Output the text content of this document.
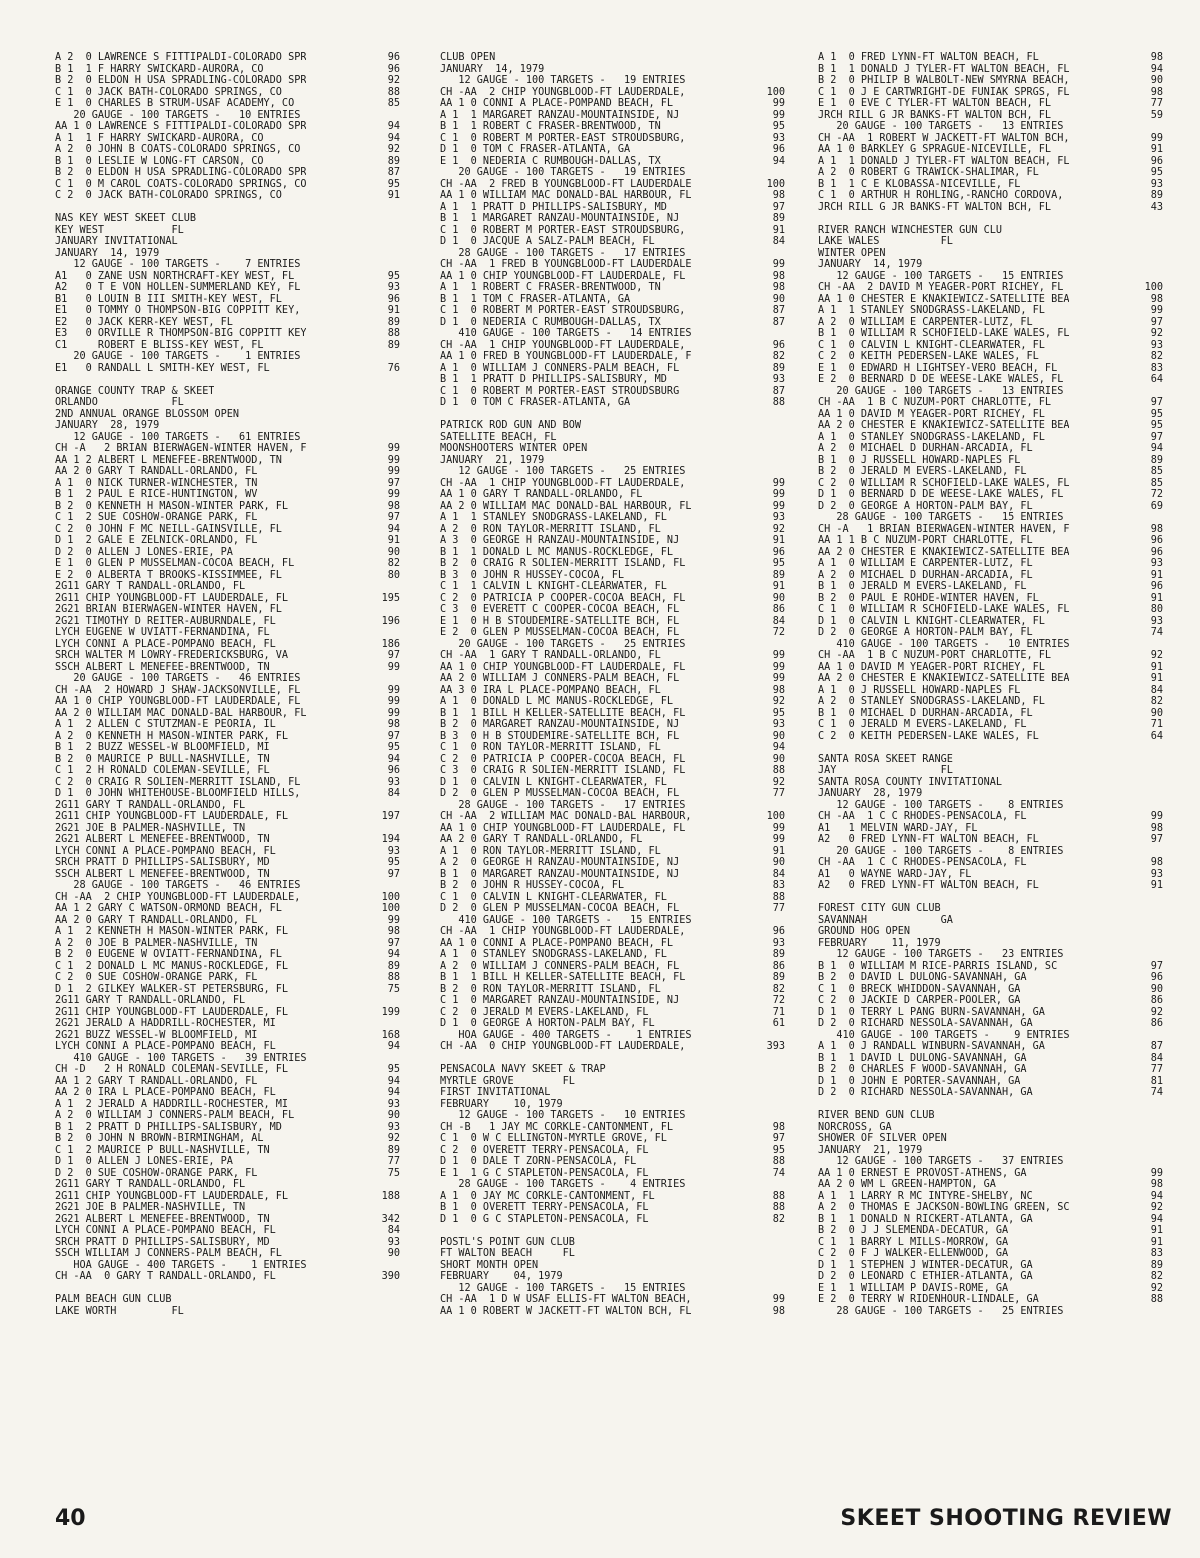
A 2  0 LAWRENCE S FITTIPALDI-COLORADO SPR	96
B 1  1 F HARRY SWICKARD-AURORA, CO	96
B 2  0 ELDON H USA SPRADLING-COLORADO SPR	92
C 1  0 JACK BATH-COLORADO SPRINGS, CO	88
E 1  0 CHARLES B STRUM-USAF ACADEMY, CO	85
20 GAUGE - 100 TARGETS -   10 ENTRIES
AA 1 0 LAWRENCE S FITTIPALDI-COLORADO SPR	94
A 1  1 F HARRY SWICKARD-AURORA, CO	94
A 2  0 JOHN B COATS-COLORADO SPRINGS, CO	92
B 1  0 LESLIE W LONG-FT CARSON, CO	89
B 2  0 ELDON H USA SPRADLING-COLORADO SPR	87
C 1  0 M CAROL COATS-COLORADO SPRINGS, CO	95
C 2  0 JACK BATH-COLORADO SPRINGS, CO	91
NAS KEY WEST SKEET CLUB
KEY WEST           FL
JANUARY INVITATIONAL
JANUARY  14, 1979
12 GAUGE - 100 TARGETS -    7 ENTRIES
A1   0 ZANE USN NORTHCRAFT-KEY WEST, FL	95
A2   0 T E VON HOLLEN-SUMMERLAND KEY, FL	93
B1   0 LOUIN B III SMITH-KEY WEST, FL	96
E1   0 TOMMY O THOMPSON-BIG COPPITT KEY,	91
E2   0 JACK KERR-KEY WEST, FL	89
E3   0 ORVILLE R THOMPSON-BIG COPPITT KEY	88
C1     ROBERT E BLISS-KEY WEST, FL	89
20 GAUGE - 100 TARGETS -    1 ENTRIES
E1   0 RANDALL L SMITH-KEY WEST, FL	76
ORANGE COUNTY TRAP & SKEET
ORLANDO            FL
2ND ANNUAL ORANGE BLOSSOM OPEN
JANUARY  28, 1979
12 GAUGE - 100 TARGETS -   61 ENTRIES
CH -A   2 BRIAN BIERWAGEN-WINTER HAVEN, F	99
AA 1 2 ALBERT L MENEFEE-BRENTWOOD, TN	99
AA 2 0 GARY T RANDALL-ORLANDO, FL	99
A 1  0 NICK TURNER-WINCHESTER, TN	97
B 1  2 PAUL E RICE-HUNTINGTON, WV	99
B 2  0 KENNETH H MASON-WINTER PARK, FL	98
C 1  2 SUE COSHOW-ORANGE PARK, FL	97
C 2  0 JOHN F MC NEILL-GAINSVILLE, FL	94
D 1  2 GALE E ZELNICK-ORLANDO, FL	91
D 2  0 ALLEN J LONES-ERIE, PA	90
E 1  0 GLEN P MUSSELMAN-COCOA BEACH, FL	82
E 2  0 ALBERTA T BROOKS-KISSIMMEE, FL	80
2G11 GARY T RANDALL-ORLANDO, FL
2G11 CHIP YOUNGBLOOD-FT LAUDERDALE, FL	195
2G21 BRIAN BIERWAGEN-WINTER HAVEN, FL
2G21 TIMOTHY D REITER-AUBURNDALE, FL	196
LYCH EUGENE W UVIATT-FERNANDINA, FL
LYCH CONNI A PLACE-POMPANO BEACH, FL	186
SRCH WALTER M LOWRY-FREDERICKSBURG, VA	97
SSCH ALBERT L MENEFEE-BRENTWOOD, TN	99
20 GAUGE - 100 TARGETS -   46 ENTRIES
CH -AA  2 HOWARD J SHAW-JACKSONVILLE, FL	99
AA 1 0 CHIP YOUNGBLOOD-FT LAUDERDALE, FL	99
AA 2 0 WILLIAM MAC DONALD-BAL HARBOUR, FL	99
A 1  2 ALLEN C STUTZMAN-E PEORIA, IL	98
A 2  0 KENNETH H MASON-WINTER PARK, FL	97
B 1  2 BUZZ WESSEL-W BLOOMFIELD, MI	95
B 2  0 MAURICE P BULL-NASHVILLE, TN	94
C 1  2 H RONALD COLEMAN-SEVILLE, FL	96
C 2  0 CRAIG R SOLIEN-MERRITT ISLAND, FL	93
D 1  0 JOHN WHITEHOUSE-BLOOMFIELD HILLS,	84
2G11 GARY T RANDALL-ORLANDO, FL
2G11 CHIP YOUNGBLOOD-FT LAUDERDALE, FL	197
2G21 JOE B PALMER-NASHVILLE, TN
2G21 ALBERT L MENEFEE-BRENTWOOD, TN	194
LYCH CONNI A PLACE-POMPANO BEACH, FL	93
SRCH PRATT D PHILLIPS-SALISBURY, MD	95
SSCH ALBERT L MENEFEE-BRENTWOOD, TN	97
28 GAUGE - 100 TARGETS -   46 ENTRIES
CH -AA  2 CHIP YOUNGBLOOD-FT LAUDERDALE,	100
AA 1 2 GARY C WATSON-ORMOND BEACH, FL	100
AA 2 0 GARY T RANDALL-ORLANDO, FL	99
A 1  2 KENNETH H MASON-WINTER PARK, FL	98
A 2  0 JOE B PALMER-NASHVILLE, TN	97
B 2  0 EUGENE W OVIATT-FERNANDINA, FL	94
C 1  2 DONALD L MC MANUS-ROCKLEDGE, FL	89
C 2  0 SUE COSHOW-ORANGE PARK, FL	88
D 1  2 GILKEY WALKER-ST PETERSBURG, FL	75
2G11 GARY T RANDALL-ORLANDO, FL
2G11 CHIP YOUNGBLOOD-FT LAUDERDALE, FL	199
2G21 JERALD A HADDRILL-ROCHESTER, MI
2G21 BUZZ WESSEL-W BLOOMFIELD, MI	168
LYCH CONNI A PLACE-POMPANO BEACH, FL	94
410 GAUGE - 100 TARGETS -   39 ENTRIES
CH -D   2 H RONALD COLEMAN-SEVILLE, FL	95
AA 1 2 GARY T RANDALL-ORLANDO, FL	94
AA 2 0 IRA L PLACE-POMPANO BEACH, FL	94
A 1  2 JERALD A HADDRILL-ROCHESTER, MI	93
A 2  0 WILLIAM J CONNERS-PALM BEACH, FL	90
B 1  2 PRATT D PHILLIPS-SALISBURY, MD	93
B 2  0 JOHN N BROWN-BIRMINGHAM, AL	92
C 1  2 MAURICE P BULL-NASHVILLE, TN	89
D 1  0 ALLEN J LONES-ERIE, PA	77
D 2  0 SUE COSHOW-ORANGE PARK, FL	75
2G11 GARY T RANDALL-ORLANDO, FL
2G11 CHIP YOUNGBLOOD-FT LAUDERDALE, FL	188
2G21 JOE B PALMER-NASHVILLE, TN
2G21 ALBERT L MENEFEE-BRENTWOOD, TN	342
LYCH CONNI A PLACE-POMPANO BEACH, FL	84
SRCH PRATT D PHILLIPS-SALISBURY, MD	93
SSCH WILLIAM J CONNERS-PALM BEACH, FL	90
HOA GAUGE - 400 TARGETS -    1 ENTRIES
CH -AA  0 GARY T RANDALL-ORLANDO, FL	390
PALM BEACH GUN CLUB
LAKE WORTH         FL
CLUB OPEN
JANUARY  14, 1979
12 GAUGE - 100 TARGETS -   19 ENTRIES
CH -AA  2 CHIP YOUNGBLOOD-FT LAUDERDALE,	100
AA 1 0 CONNI A PLACE-POMPAND BEACH, FL	99
A 1  1 MARGARET RANZAU-MOUNTAINSIDE, NJ	99
B 1  1 ROBERT C FRASER-BRENTWOOD, TN	95
C 1  0 ROBERT M PORTER-EAST STROUDSBURG,	93
D 1  0 TOM C FRASER-ATLANTA, GA	96
E 1  0 NEDERIA C RUMBOUGH-DALLAS, TX	94
20 GAUGE - 100 TARGETS -   19 ENTRIES
CH -AA  2 FRED B YOUNGBLOOD-FT LAUDERDALE	100
AA 1 0 WILLIAM MAC DONALD-BAL HARBOUR, FL	98
A 1  1 PRATT D PHILLIPS-SALISBURY, MD	97
B 1  1 MARGARET RANZAU-MOUNTAINSIDE, NJ	89
C 1  0 ROBERT M PORTER-EAST STROUDSBURG,	91
D 1  0 JACQUE A SALZ-PALM BEACH, FL	84
28 GAUGE - 100 TARGETS -   17 ENTRIES
CH -AA  1 FRED B YOUNGBLOOD-FT LAUDERDALE	99
AA 1 0 CHIP YOUNGBLOOD-FT LAUDERDALE, FL	98
A 1  1 ROBERT C FRASER-BRENTWOOD, TN	98
B 1  1 TOM C FRASER-ATLANTA, GA	90
C 1  0 ROBERT M PORTER-EAST STROUDSBURG,	87
D 1  0 NEDERIA C RUMBOUGH-DALLAS, TX	87
410 GAUGE - 100 TARGETS -   14 ENTRIES
CH -AA  1 CHIP YOUNGBLOOD-FT LAUDERDALE,	96
AA 1 0 FRED B YOUNGBLOOD-FT LAUDERDALE, F	82
A 1  0 WILLIAM J CONNERS-PALM BEACH, FL	89
B 1  1 PRATT D PHILLIPS-SALISBURY, MD	93
C 1  0 ROBERT M PORTER-EAST STROUDSBURG	87
D 1  0 TOM C FRASER-ATLANTA, GA	88
PATRICK ROD GUN AND BOW
SATELLITE BEACH, FL
MOONSHOOTERS WINTER OPEN
JANUARY  21, 1979
12 GAUGE - 100 TARGETS -   25 ENTRIES
CH -AA  1 CHIP YOUNGBLOOD-FT LAUDERDALE,	99
AA 1 0 GARY T RANDALL-ORLANDO, FL	99
AA 2 0 WILLIAM MAC DONALD-BAL HARBOUR, FL	99
A 1  1 STANLEY SNODGRASS-LAKELAND, FL	93
A 2  0 RON TAYLOR-MERRITT ISLAND, FL	92
A 3  0 GEORGE H RANZAU-MOUNTAINSIDE, NJ	91
B 1  1 DONALD L MC MANUS-ROCKLEDGE, FL	96
B 2  0 CRAIG R SOLIEN-MERRITT ISLAND, FL	95
B 3  0 JOHN R HUSSEY-COCOA, FL	89
C 1  1 CALVIN L KNIGHT-CLEARWATER, FL	91
C 2  0 PATRICIA P COOPER-COCOA BEACH, FL	90
C 3  0 EVERETT C COOPER-COCOA BEACH, FL	86
E 1  0 H B STOUDEMIRE-SATELLITE BCH, FL	84
E 2  0 GLEN P MUSSELMAN-COCOA BEACH, FL	72
20 GAUGE - 100 TARGETS -   25 ENTRIES
CH -AA  1 GARY T RANDALL-ORLANDO, FL	99
AA 1 0 CHIP YOUNGBLOOD-FT LAUDERDALE, FL	99
AA 2 0 WILLIAM J CONNERS-PALM BEACH, FL	99
AA 3 0 IRA L PLACE-POMPANO BEACH, FL	98
A 1  0 DONALD L MC MANUS-ROCKLEDGE, FL	92
B 1  1 BILL H KELLER-SATELLITE BEACH, FL	95
B 2  0 MARGARET RANZAU-MOUNTAINSIDE, NJ	93
B 3  0 H B STOUDEMIRE-SATELLITE BCH, FL	90
C 1  0 RON TAYLOR-MERRITT ISLAND, FL	94
C 2  0 PATRICIA P COOPER-COCOA BEACH, FL	90
C 3  0 CRAIG R SOLIEN-MERRITT ISLAND, FL	88
D 1  0 CALVIN L KNIGHT-CLEARWATER, FL	92
D 2  0 GLEN P MUSSELMAN-COCOA BEACH, FL	77
28 GAUGE - 100 TARGETS -   17 ENTRIES
CH -AA  2 WILLIAM MAC DONALD-BAL HARBOUR,	100
AA 1 0 CHIP YOUNGBLOOD-FT LAUDERDALE, FL	99
AA 2 0 GARY T RANDALL-ORLANDO, FL	99
A 1  0 RON TAYLOR-MERRITT ISLAND, FL	91
A 2  0 GEORGE H RANZAU-MOUNTAINSIDE, NJ	90
B 1  0 MARGARET RANZAU-MOUNTAINSIDE, NJ	84
B 2  0 JOHN R HUSSEY-COCOA, FL	83
C 1  0 CALVIN L KNIGHT-CLEARWATER, FL	88
D 2  0 GLEN P MUSSELMAN-COCOA BEACH, FL	77
410 GAUGE - 100 TARGETS -   15 ENTRIES
CH -AA  1 CHIP YOUNGBLOOD-FT LAUDERDALE,	96
AA 1 0 CONNI A PLACE-POMPANO BEACH, FL	93
A 1  0 STANLEY SNODGRASS-LAKELAND, FL	89
A 2  0 WILLIAM J CONNERS-PALM BEACH, FL	86
B 1  1 BILL H KELLER-SATELLITE BEACH, FL	89
B 2  0 RON TAYLOR-MERRITT ISLAND, FL	82
C 1  0 MARGARET RANZAU-MOUNTAINSIDE, NJ	72
C 2  0 JERALD M EVERS-LAKELAND, FL	71
D 1  0 GEORGE A HORTON-PALM BAY, FL	61
HOA GAUGE - 400 TARGETS -    1 ENTRIES
CH -AA  0 CHIP YOUNGBLOOD-FT LAUDERDALE,	393
PENSACOLA NAVY SKEET & TRAP
MYRTLE GROVE        FL
FIRST INVITATIONAL
FEBRUARY    10, 1979
12 GAUGE - 100 TARGETS -   10 ENTRIES
CH -B   1 JAY MC CORKLE-CANTONMENT, FL	98
C 1  0 W C ELLINGTON-MYRTLE GROVE, FL	97
C 2  0 OVERETT TERRY-PENSACOLA, FL	95
D 1  0 DALE T ZORN-PENSACOLA, FL	88
E 1  1 G C STAPLETON-PENSACOLA, FL	74
28 GAUGE - 100 TARGETS -    4 ENTRIES
A 1  0 JAY MC CORKLE-CANTONMENT, FL	88
B 1  0 OVERETT TERRY-PENSACOLA, FL	88
D 1  0 G C STAPLETON-PENSACOLA, FL	82
POSTL'S POINT GUN CLUB
FT WALTON BEACH     FL
SHORT MONTH OPEN
FEBRUARY    04, 1979
12 GAUGE - 100 TARGETS -   15 ENTRIES
CH -AA  1 D W USAF ELLIS-FT WALTON BEACH,	99
AA 1 0 ROBERT W JACKETT-FT WALTON BCH, FL	98
A 1  0 FRED LYNN-FT WALTON BEACH, FL	98
B 1  1 DONALD J TYLER-FT WALTON BEACH, FL	94
B 2  0 PHILIP B WALBOLT-NEW SMYRNA BEACH,	90
C 1  0 J E CARTWRIGHT-DE FUNIAK SPRGS, FL	98
E 1  0 EVE C TYLER-FT WALTON BEACH, FL	77
JRCH RILL G JR BANKS-FT WALTON BCH, FL	59
20 GAUGE - 100 TARGETS -   13 ENTRIES
CH -AA  1 ROBERT W JACKETT-FT WALTON BCH,	99
AA 1 0 BARKLEY G SPRAGUE-NICEVILLE, FL	91
A 1  1 DONALD J TYLER-FT WALTON BEACH, FL	96
A 2  0 ROBERT G TRAWICK-SHALIMAR, FL	95
B 1  1 C E KLOBASSA-NICEVILLE, FL	93
C 1  0 ARTHUR H ROHLING,-RANCHO CORDOVA,	89
JRCH RILL G JR BANKS-FT WALTON BCH, FL	43
RIVER RANCH WINCHESTER GUN CLU
LAKE WALES          FL
WINTER OPEN
JANUARY  14, 1979
12 GAUGE - 100 TARGETS -   15 ENTRIES
CH -AA  2 DAVID M YEAGER-PORT RICHEY, FL	100
AA 1 0 CHESTER E KNAKIEWICZ-SATELLITE BEA	98
A 1  1 STANLEY SNODGRASS-LAKELAND, FL	99
A 2  0 WILLIAM E CARPENTER-LUTZ, FL	97
B 1  0 WILLIAM R SCHOFIELD-LAKE WALES, FL	92
C 1  0 CALVIN L KNIGHT-CLEARWATER, FL	93
C 2  0 KEITH PEDERSEN-LAKE WALES, FL	82
E 1  0 EDWARD H LIGHTSEY-VERO BEACH, FL	83
E 2  0 BERNARD D DE WEESE-LAKE WALES, FL	64
20 GAUGE - 100 TARGETS -   13 ENTRIES
CH -AA  1 B C NUZUM-PORT CHARLOTTE, FL	97
AA 1 0 DAVID M YEAGER-PORT RICHEY, FL	95
AA 2 0 CHESTER E KNAKIEWICZ-SATELLITE BEA	95
A 1  0 STANLEY SNODGRASS-LAKELAND, FL	97
A 2  0 MICHAEL D DURHAN-ARCADIA, FL	94
B 1  0 J RUSSELL HOWARD-NAPLES FL	89
B 2  0 JERALD M EVERS-LAKELAND, FL	85
C 2  0 WILLIAM R SCHOFIELD-LAKE WALES, FL	85
D 1  0 BERNARD D DE WEESE-LAKE WALES, FL	72
D 2  0 GEORGE A HORTON-PALM BAY, FL	69
28 GAUGE - 100 TARGETS -   15 ENTRIES
CH -A   1 BRIAN BIERWAGEN-WINTER HAVEN, F	98
AA 1 1 B C NUZUM-PORT CHARLOTTE, FL	96
AA 2 0 CHESTER E KNAKIEWICZ-SATELLITE BEA	96
A 1  0 WILLIAM E CARPENTER-LUTZ, FL	93
A 2  0 MICHAEL D DURHAN-ARCADIA, FL	91
B 1  0 JERALD M EVERS-LAKELAND, FL	96
B 2  0 PAUL E ROHDE-WINTER HAVEN, FL	91
C 1  0 WILLIAM R SCHOFIELD-LAKE WALES, FL	80
D 1  0 CALVIN L KNIGHT-CLEARWATER, FL	93
D 2  0 GEORGE A HORTON-PALM BAY, FL	74
410 GAUGE - 100 TARGETS -   10 ENTRIES
CH -AA  1 B C NUZUM-PORT CHARLOTTE, FL	92
AA 1 0 DAVID M YEAGER-PORT RICHEY, FL	91
AA 2 0 CHESTER E KNAKIEWICZ-SATELLITE BEA	91
A 1  0 J RUSSELL HOWARD-NAPLES FL	84
A 2  0 STANLEY SNODGRASS-LAKELAND, FL	82
B 1  0 MICHAEL D DURHAN-ARCADIA, FL	90
C 1  0 JERALD M EVERS-LAKELAND, FL	71
C 2  0 KEITH PEDERSEN-LAKE WALES, FL	64
SANTA ROSA SKEET RANGE
JAY                 FL
SANTA ROSA COUNTY INVITATIONAL
JANUARY  28, 1979
12 GAUGE - 100 TARGETS -    8 ENTRIES
CH -AA  1 C C RHODES-PENSACOLA, FL	99
A1   1 MELVIN WARD-JAY, FL	98
A2   0 FRED LYNN-FT WALTON BEACH, FL	97
20 GAUGE - 100 TARGETS -    8 ENTRIES
CH -AA  1 C C RHODES-PENSACOLA, FL	98
A1   0 WAYNE WARD-JAY, FL	93
A2   0 FRED LYNN-FT WALTON BEACH, FL	91
FOREST CITY GUN CLUB
SAVANNAH            GA
GROUND HOG OPEN
FEBRUARY    11, 1979
12 GAUGE - 100 TARGETS -   23 ENTRIES
B 1  0 WILLIAM M RICE-PARRIS ISLAND, SC	97
B 2  0 DAVID L DULONG-SAVANNAH, GA	96
C 1  0 BRECK WHIDDON-SAVANNAH, GA	90
C 2  0 JACKIE D CARPER-POOLER, GA	86
D 1  0 TERRY L PANG BURN-SAVANNAH, GA	92
D 2  0 RICHARD NESSOLA-SAVANNAH, GA	86
410 GAUGE - 100 TARGETS -    9 ENTRIES
A 1  0 J RANDALL WINBURN-SAVANNAH, GA	87
B 1  1 DAVID L DULONG-SAVANNAH, GA	84
B 2  0 CHARLES F WOOD-SAVANNAH, GA	77
D 1  0 JOHN E PORTER-SAVANNAH, GA	81
D 2  0 RICHARD NESSOLA-SAVANNAH, GA	74
RIVER BEND GUN CLUB
NORCROSS, GA
SHOWER OF SILVER OPEN
JANUARY  21, 1979
12 GAUGE - 100 TARGETS -   37 ENTRIES
AA 1 0 ERNEST E PROVOST-ATHENS, GA	99
AA 2 0 WM L GREEN-HAMPTON, GA	98
A 1  1 LARRY R MC INTYRE-SHELBY, NC	94
A 2  0 THOMAS E JACKSON-BOWLING GREEN, SC	92
B 1  1 DONALD N RICKERT-ATLANTA, GA	94
B 2  0 J J SLEMENDA-DECATUR, GA	91
C 1  1 BARRY L MILLS-MORROW, GA	91
C 2  0 F J WALKER-ELLENWOOD, GA	83
D 1  1 STEPHEN J WINTER-DECATUR, GA	89
D 2  0 LEONARD C ETHIER-ATLANTA, GA	82
E 1  1 WILLIAM P DAVIS-ROME, GA	92
E 2  0 TERRY W RIDENHOUR-LINDALE, GA	88
28 GAUGE - 100 TARGETS -   25 ENTRIES
40	SKEET SHOOTING REVIEW
